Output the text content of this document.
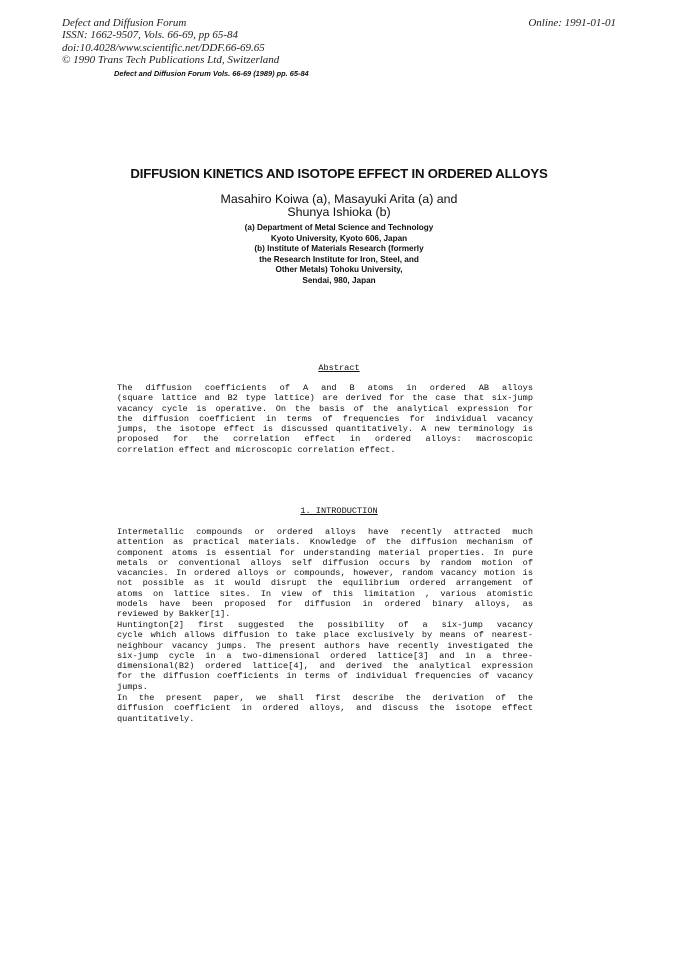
Defect and Diffusion Forum
ISSN: 1662-9507, Vols. 66-69, pp 65-84
doi:10.4028/www.scientific.net/DDF.66-69.65
© 1990 Trans Tech Publications Ltd, Switzerland
Online: 1991-01-01
Defect and Diffusion Forum Vols. 66-69 (1989) pp. 65-84
DIFFUSION KINETICS AND ISOTOPE EFFECT IN ORDERED ALLOYS
Masahiro Koiwa (a), Masayuki Arita (a) and
Shunya Ishioka (b)
(a) Department of Metal Science and Technology
Kyoto University, Kyoto 606, Japan
(b) Institute of Materials Research (formerly
the Research Institute for Iron, Steel, and
Other Metals) Tohoku University,
Sendai, 980, Japan
Abstract
The diffusion coefficients of A and B atoms in ordered AB alloys
(square lattice and B2 type lattice) are derived for the case that six-jump
vacancy cycle is operative. On the basis of the analytical expression for
the diffusion coefficient in terms of frequencies for individual vacancy
jumps, the isotope effect is discussed quantitatively. A new terminology is
proposed for the correlation effect in ordered alloys: macroscopic
correlation effect and microscopic correlation effect.
1. INTRODUCTION
Intermetallic compounds or ordered alloys have recently attracted much
attention as practical materials. Knowledge of the diffusion mechanism of
component atoms is essential for understanding material properties. In pure
metals or conventional alloys self diffusion occurs by random motion of
vacancies. In ordered alloys or compounds, however, random vacancy motion is
not possible as it would disrupt the equilibrium ordered arrangement of
atoms on lattice sites. In view of this limitation , various atomistic
models have been proposed for diffusion in ordered binary alloys, as
reviewed by Bakker[1].
Huntington[2] first suggested the possibility of a six-jump vacancy
cycle which allows diffusion to take place exclusively by means of nearest-
neighbour vacancy jumps. The present authors have recently investigated the
six-jump cycle in a two-dimensional ordered lattice[3] and in a three-
dimensional(B2) ordered lattice[4], and derived the analytical expression
for the diffusion coefficients in terms of individual frequencies of vacancy
jumps.
In the present paper, we shall first describe the derivation of the
diffusion coefficient in ordered alloys, and discuss the isotope effect
quantitatively.
